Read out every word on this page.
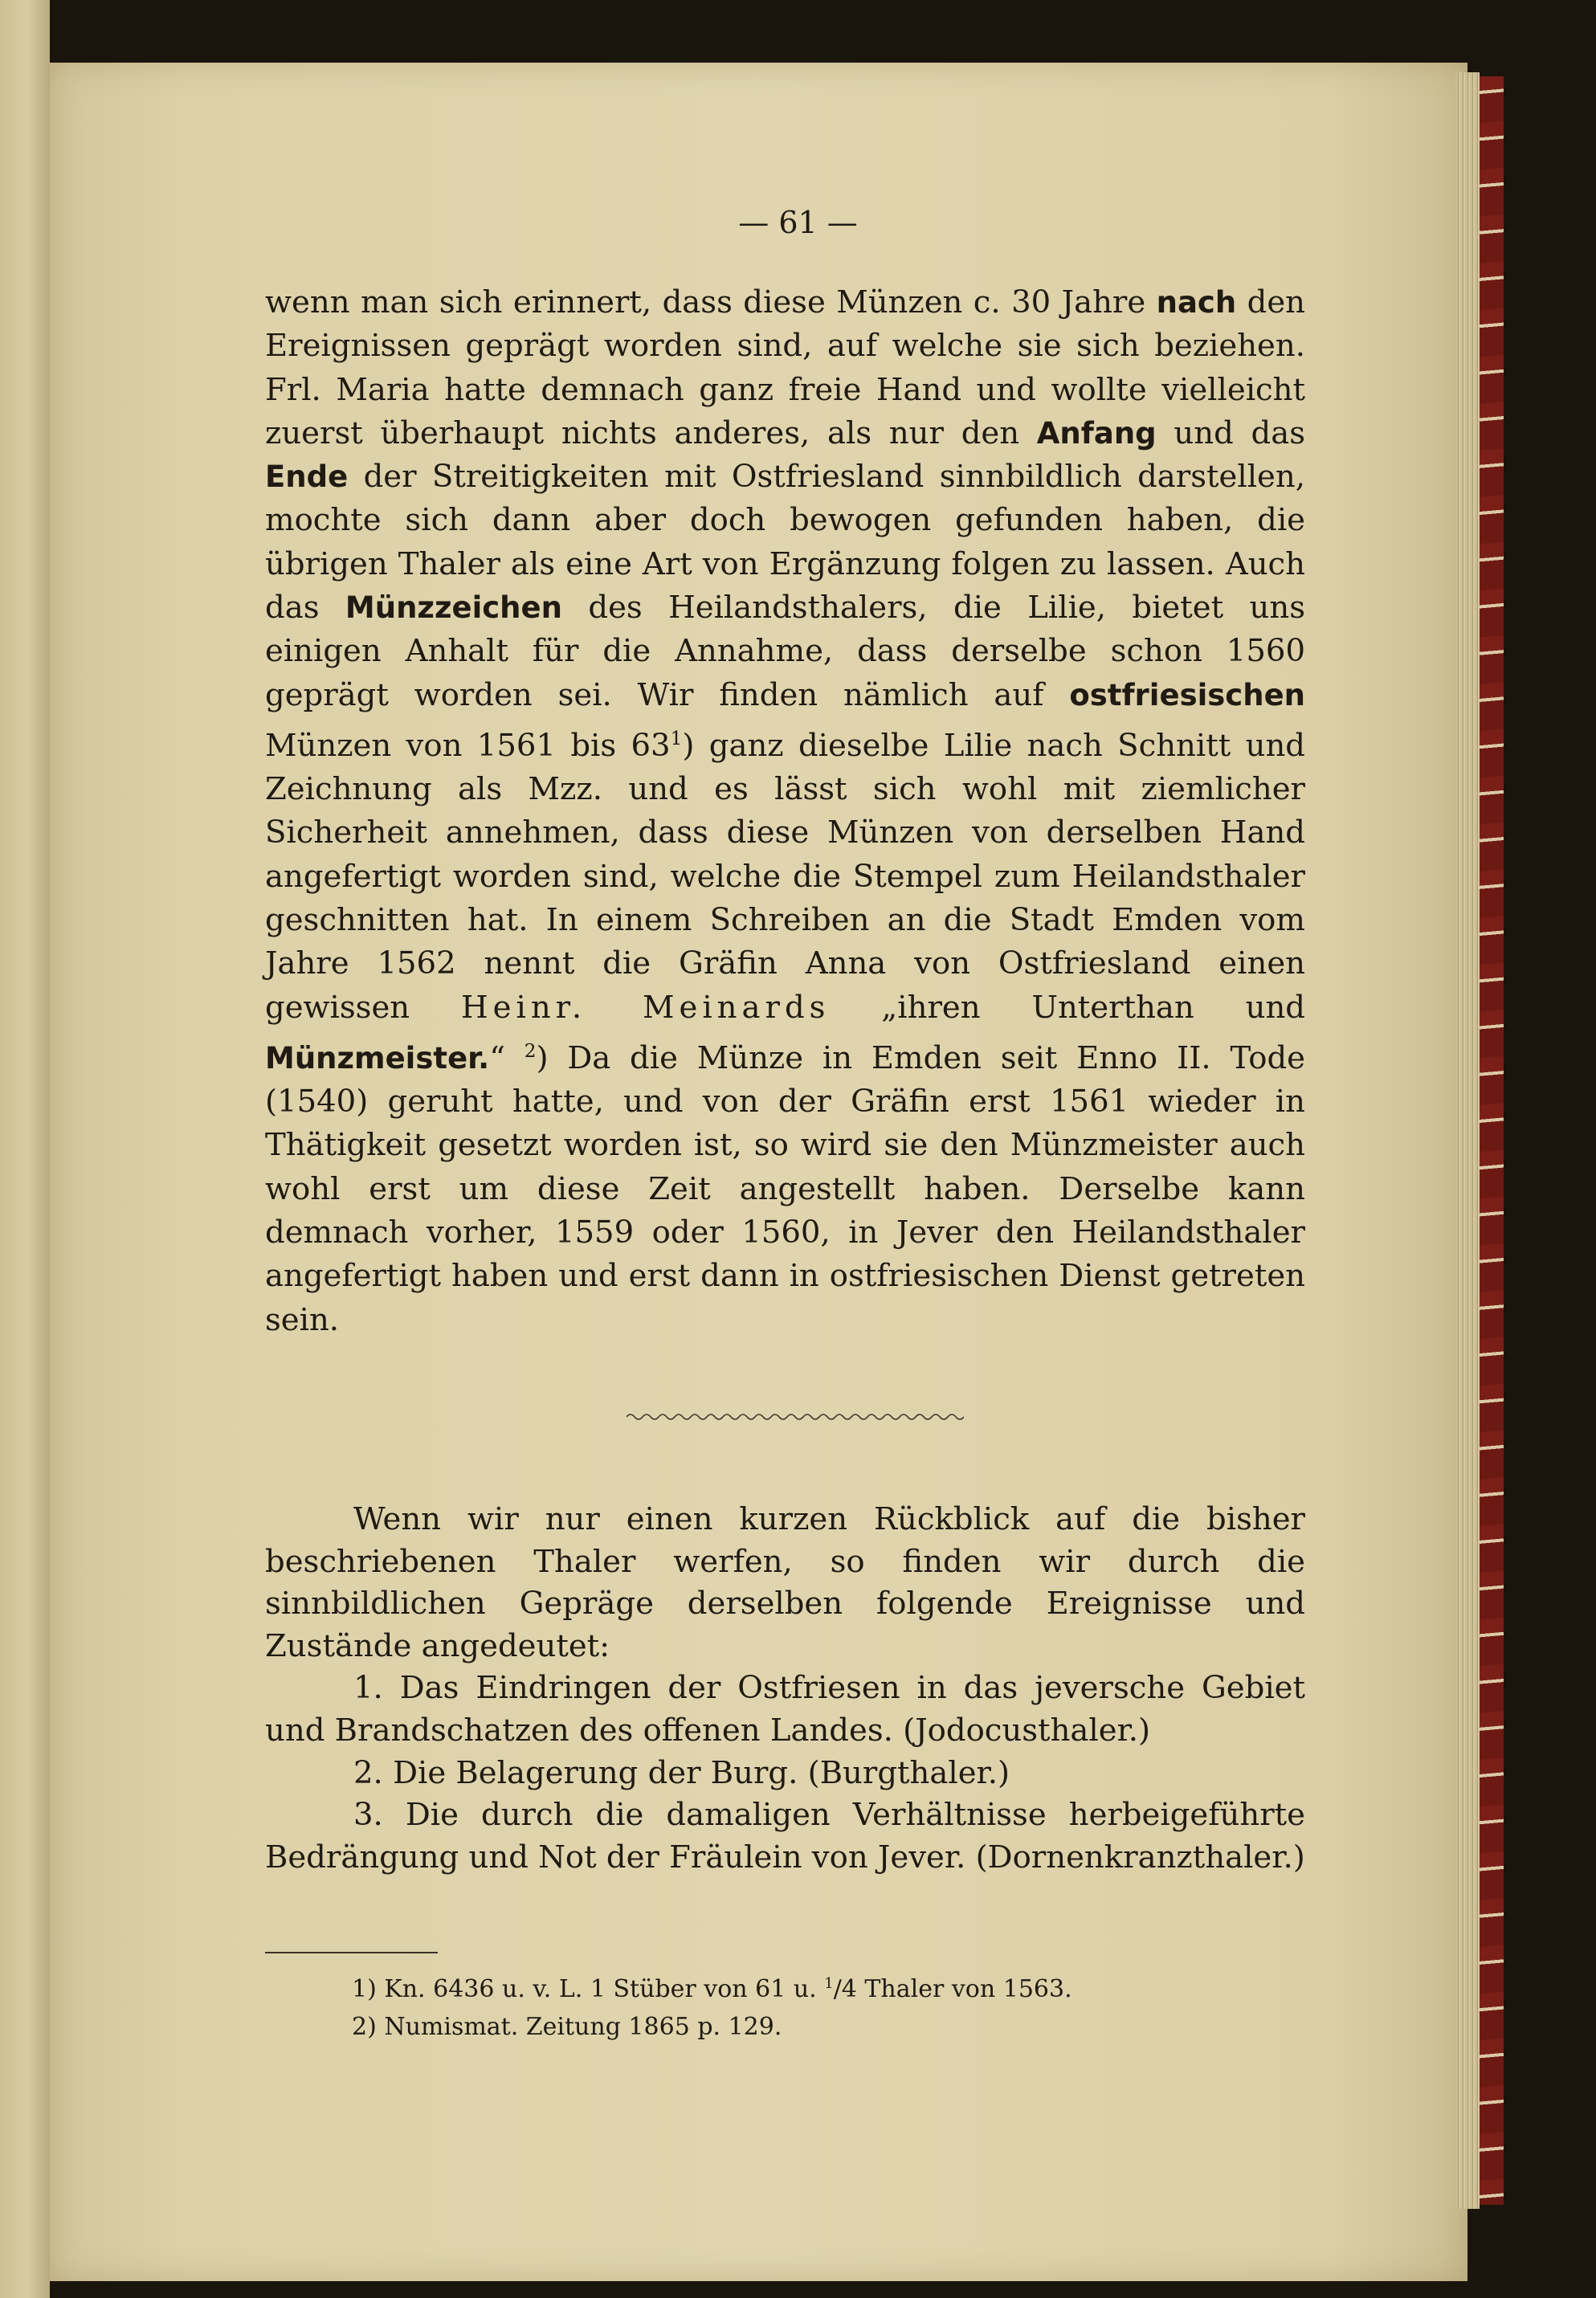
— 61 —

wenn man sich erinnert, dass diese Münzen c. 30 Jahre nach den Ereignissen geprägt worden sind, auf welche sie sich beziehen. Frl. Maria hatte demnach ganz freie Hand und wollte vielleicht zuerst überhaupt nichts anderes, als nur den Anfang und das Ende der Streitigkeiten mit Ostfriesland sinnbildlich darstellen, mochte sich dann aber doch bewogen gefunden haben, die übrigen Thaler als eine Art von Ergänzung folgen zu lassen. Auch das Münzzeichen des Heilandsthalers, die Lilie, bietet uns einigen Anhalt für die Annahme, dass derselbe schon 1560 geprägt worden sei. Wir finden nämlich auf ostfriesischen Münzen von 1561 bis $63^1$) ganz dieselbe Lilie nach Schnitt und Zeichnung als Mzz. und es lässt sich wohl mit ziemlicher Sicherheit annehmen, dass diese Münzen von derselben Hand angefertigt worden sind, welche die Stempel zum Heilandsthaler geschnitten hat. In einem Schreiben an die Stadt Emden vom Jahre 1562 nennt die Gräfin Anna von Ostfriesland einen gewissen Heinr. Meinards „ihren Unterthan und Münzmeister.“ $^2$) Da die Münze in Emden seit Enno II. Tode (1540) geruht hatte, und von der Gräfin erst 1561 wieder in Thätigkeit gesetzt worden ist, so wird sie den Münzmeister auch wohl erst um diese Zeit angestellt haben. Derselbe kann demnach vorher, 1559 oder 1560, in Jever den Heilandsthaler angefertigt haben und erst dann in ostfriesischen Dienst getreten sein.

Wenn wir nur einen kurzen Rückblick auf die bisher beschriebenen Thaler werfen, so finden wir durch die sinnbildlichen Gepräge derselben folgende Ereignisse und Zustände angedeutet:

1. Das Eindringen der Ostfriesen in das jeversche Gebiet und Brandschatzen des offenen Landes. (Jodocusthaler.)

2. Die Belagerung der Burg. (Burgthaler.)

3. Die durch die damaligen Verhältnisse herbeigeführte Bedrängung und Not der Fräulein von Jever. (Dornenkranzthaler.)

1) Kn. 6436 u. v. L. 1 Stüber von 61 u. $^1$/4 Thaler von 1563.

2) Numismat. Zeitung 1865 p. 129.
